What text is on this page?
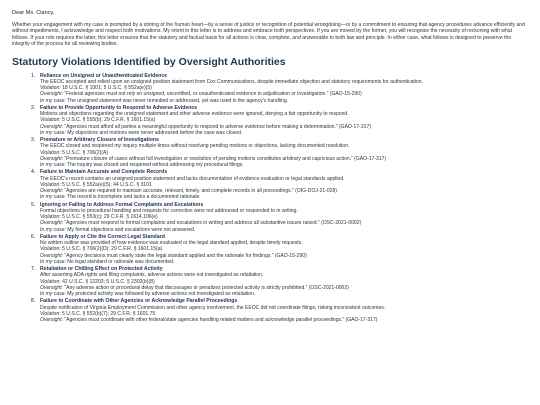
Dear Ms. Clancy,

Whether your engagement with my case is prompted by a stirring of the human heart—by a sense of justice or recognition of potential wrongdoing—or by a commitment to ensuring that agency procedures advance efficiently and without impediments, I acknowledge and respect both motivations. My intent in this letter is to address and embrace both perspectives. If you are moved by the former, you will recognize the necessity of reckoning with what follows. If your role requires the latter, this letter ensures that the statutory and factual basis for all actions is clear, complete, and answerable to both law and principle. In either case, what follows is designed to preserve the integrity of the process for all reviewing bodies.

Statutory Violations Identified by Oversight Authorities
Reliance on Unsigned or Unauthenticated Evidence
The EEOC accepted and relied upon an unsigned position statement from Cox Communications, despite immediate objection and statutory requirements for authentication.
Violation: 18 U.S.C. § 1001; 5 U.S.C. § 552a(e)(5)
Oversight: “Federal agencies must not rely on unsigned, uncertified, or unauthenticated evidence in adjudication or investigation.” (GAO-15-290)
In my case: The unsigned statement was never remedied or addressed, yet was used in the agency's handling.
Failure to Provide Opportunity to Respond to Adverse Evidence
Motions and objections regarding the unsigned statement and other adverse evidence were ignored, denying a fair opportunity to respond.
Violation: 5 U.S.C. § 555(b); 29 C.F.R. § 1601.15(a)
Oversight: “Agencies must afford all parties a meaningful opportunity to respond to adverse evidence before making a determination.” (GAO-17-317)
In my case: My objections and motions were never addressed before the case was closed.
Premature or Arbitrary Closure of Investigations
The EEOC closed and reopened my inquiry multiple times without resolving pending motions or objections, lacking documented resolution.
Violation: 5 U.S.C. § 706(2)(A)
Oversight: “Premature closure of cases without full investigation or resolution of pending motions constitutes arbitrary and capricious action.” (GAO-17-317)
In my case: The inquiry was closed and reopened without addressing my procedural filings.
Failure to Maintain Accurate and Complete Records
The EEOC's record contains an unsigned position statement and lacks documentation of evidence evaluation or legal standards applied.
Violation: 5 U.S.C. § 552a(e)(5); 44 U.S.C. § 3101
Oversight: “Agencies are required to maintain accurate, relevant, timely, and complete records in all proceedings.” (OIG-DOJ-21-028)
In my case: The record is incomplete and lacks a documented rationale.
Ignoring or Failing to Address Formal Complaints and Escalations
Formal objections to procedural handling and requests for correction were not addressed or responded to in writing.
Violation: 5 U.S.C. § 553(c); 29 C.F.R. § 1614.106(e)
Oversight: “Agencies must respond to formal complaints and escalations in writing and address all substantive issues raised.” (OSC-2021-0002)
In my case: My formal objections and escalations were not answered.
Failure to Apply or Cite the Correct Legal Standard
No written outline was provided of how evidence was evaluated or the legal standard applied, despite timely requests.
Violation: 5 U.S.C. § 706(2)(D); 29 C.F.R. § 1601.15(a)
Oversight: “Agency decisions must clearly state the legal standard applied and the rationale for findings.” (GAO-15-290)
In my case: No legal standard or rationale was documented.
Retaliation or Chilling Effect on Protected Activity
After asserting ADA rights and filing complaints, adverse actions were not investigated as retaliation.
Violation: 42 U.S.C. § 12203; 5 U.S.C. § 2302(b)(8)
Oversight: “Any adverse action or procedural delay that discourages or penalizes protected activity is strictly prohibited.” (OSC-2021-0002)
In my case: My protected activity was followed by adverse actions not investigated as retaliation.
Failure to Coordinate with Other Agencies or Acknowledge Parallel Proceedings
Despite notification of Virginia Employment Commission and other agency involvement, the EEOC did not coordinate filings, risking inconsistent outcomes.
Violation: 5 U.S.C. § 552(b)(7); 29 C.F.R. § 1601.75
Oversight: “Agencies must coordinate with other federal/state agencies handling related matters and acknowledge parallel proceedings.” (GAO-17-317)
